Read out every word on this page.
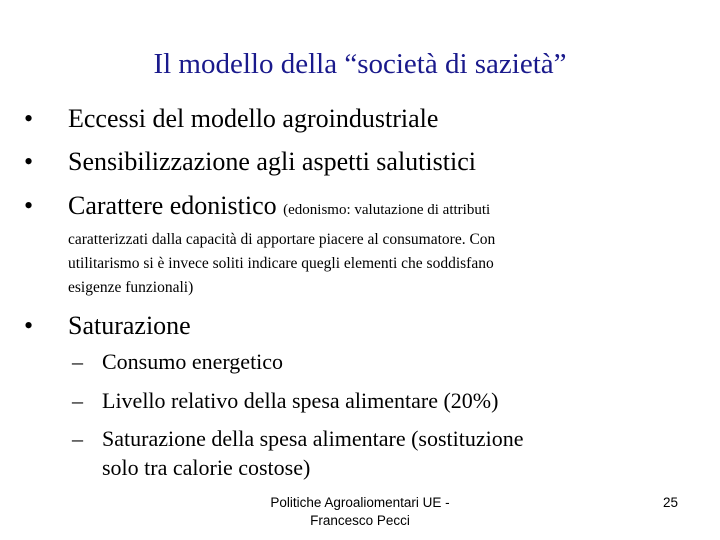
Il modello della “società di sazietà”
• Eccessi del modello agroindustriale
• Sensibilizzazione agli aspetti salutistici
• Carattere edonistico (edonismo: valutazione di attributi
caratterizzati dalla capacità di apportare piacere al consumatore. Con
utilitarismo si è invece soliti indicare quegli elementi che soddisfano
esigenze funzionali)
• Saturazione
– Consumo energetico
– Livello relativo della spesa alimentare (20%)
– Saturazione della spesa alimentare (sostituzione
solo tra calorie costose)
Politiche Agroaliomentari UE -
Francesco Pecci
25
